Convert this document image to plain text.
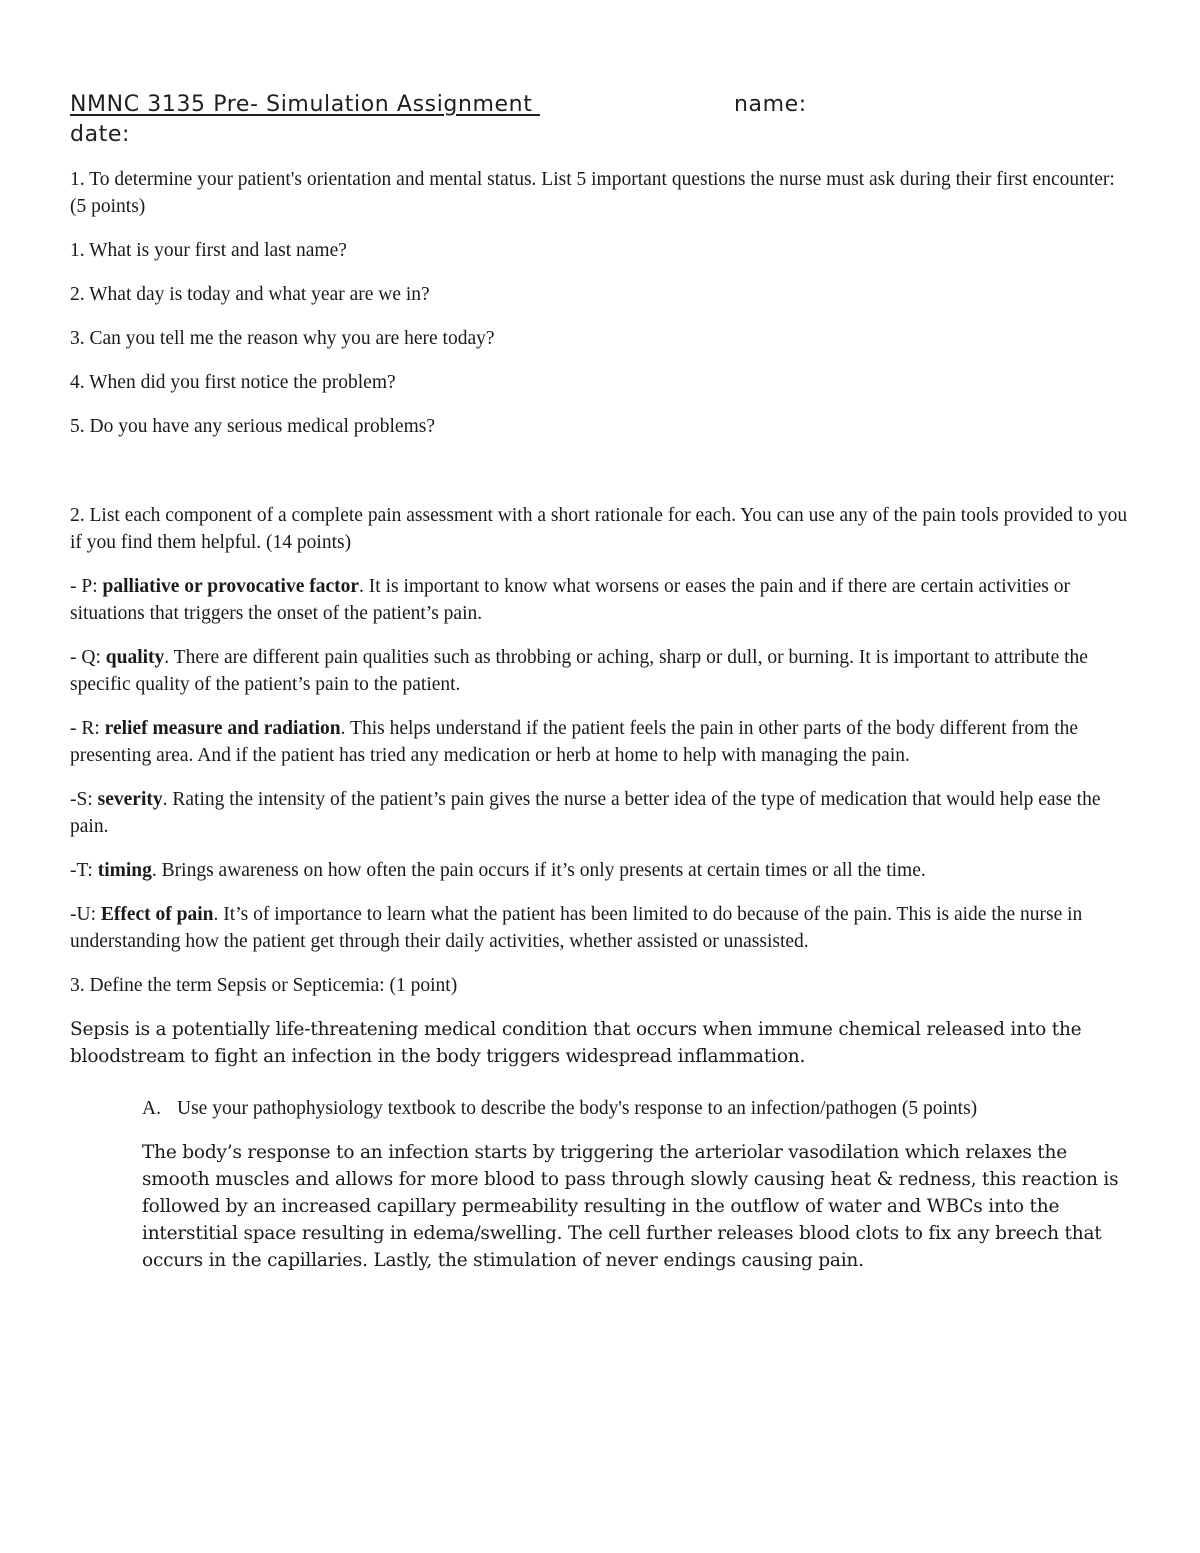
NMNC 3135 Pre- Simulation Assignment	name:
date:

1. To determine your patient's orientation and mental status. List 5 important questions the nurse must ask during their first encounter: (5 points)

1. What is your first and last name?

2. What day is today and what year are we in?

3. Can you tell me the reason why you are here today?

4. When did you first notice the problem?

5. Do you have any serious medical problems?

2. List each component of a complete pain assessment with a short rationale for each. You can use any of the pain tools provided to you if you find them helpful. (14 points)

- P: palliative or provocative factor. It is important to know what worsens or eases the pain and if there are certain activities or situations that triggers the onset of the patient’s pain.

- Q: quality. There are different pain qualities such as throbbing or aching, sharp or dull, or burning. It is important to attribute the specific quality of the patient’s pain to the patient.

- R: relief measure and radiation. This helps understand if the patient feels the pain in other parts of the body different from the presenting area. And if the patient has tried any medication or herb at home to help with managing the pain.

-S: severity. Rating the intensity of the patient’s pain gives the nurse a better idea of the type of medication that would help ease the pain.

-T: timing. Brings awareness on how often the pain occurs if it’s only presents at certain times or all the time.

-U: Effect of pain. It’s of importance to learn what the patient has been limited to do because of the pain. This is aide the nurse in understanding how the patient get through their daily activities, whether assisted or unassisted.

3. Define the term Sepsis or Septicemia: (1 point)

Sepsis is a potentially life-threatening medical condition that occurs when immune chemical released into the bloodstream to fight an infection in the body triggers widespread inflammation.

A. Use your pathophysiology textbook to describe the body's response to an infection/pathogen (5 points)

The body’s response to an infection starts by triggering the arteriolar vasodilation which relaxes the smooth muscles and allows for more blood to pass through slowly causing heat & redness, this reaction is followed by an increased capillary permeability resulting in the outflow of water and WBCs into the interstitial space resulting in edema/swelling. The cell further releases blood clots to fix any breech that occurs in the capillaries. Lastly, the stimulation of never endings causing pain.
